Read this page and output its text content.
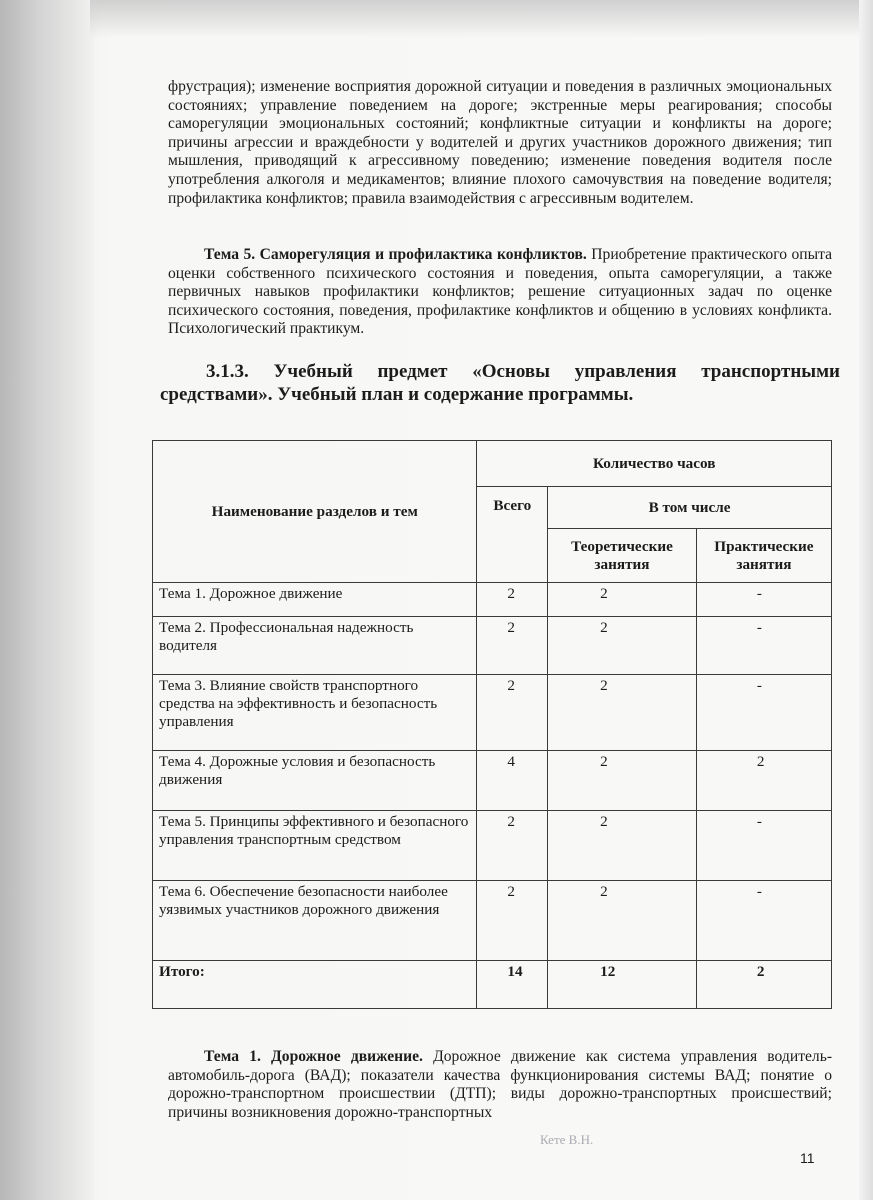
фрустрация); изменение восприятия дорожной ситуации и поведения в различных эмоциональных состояниях; управление поведением на дороге; экстренные меры реагирования; способы саморегуляции эмоциональных состояний; конфликтные ситуации и конфликты на дороге; причины агрессии и враждебности у водителей и других участников дорожного движения; тип мышления, приводящий к агрессивному поведению; изменение поведения водителя после употребления алкоголя и медикаментов; влияние плохого самочувствия на поведение водителя; профилактика конфликтов; правила взаимодействия с агрессивным водителем.

Тема 5. Саморегуляция и профилактика конфликтов. Приобретение практического опыта оценки собственного психического состояния и поведения, опыта саморегуляции, а также первичных навыков профилактики конфликтов; решение ситуационных задач по оценке психического состояния, поведения, профилактике конфликтов и общению в условиях конфликта. Психологический практикум.

3.1.3. Учебный предмет «Основы управления транспортными средствами». Учебный план и содержание программы.

Наименование разделов и тем	Количество часов		
	Всего	В том числе	
		Теоретические занятия	Практические занятия
Тема 1. Дорожное движение	2	2	-
Тема 2. Профессиональная надежность водителя	2	2	-
Тема 3. Влияние свойств транспортного средства на эффективность и безопасность управления	2	2	-
Тема 4. Дорожные условия и безопасность движения	4	2	2
Тема 5. Принципы эффективного и безопасного управления транспортным средством	2	2	-
Тема 6. Обеспечение безопасности наиболее уязвимых участников дорожного движения	2	2	-
Итого:	14	12	2

Тема 1. Дорожное движение. Дорожное движение как система управления водитель-автомобиль-дорога (ВАД); показатели качества функционирования системы ВАД; понятие о дорожно-транспортном происшествии (ДТП); виды дорожно-транспортных происшествий; причины возникновения дорожно-транспортных

Кете В.Н.
11
